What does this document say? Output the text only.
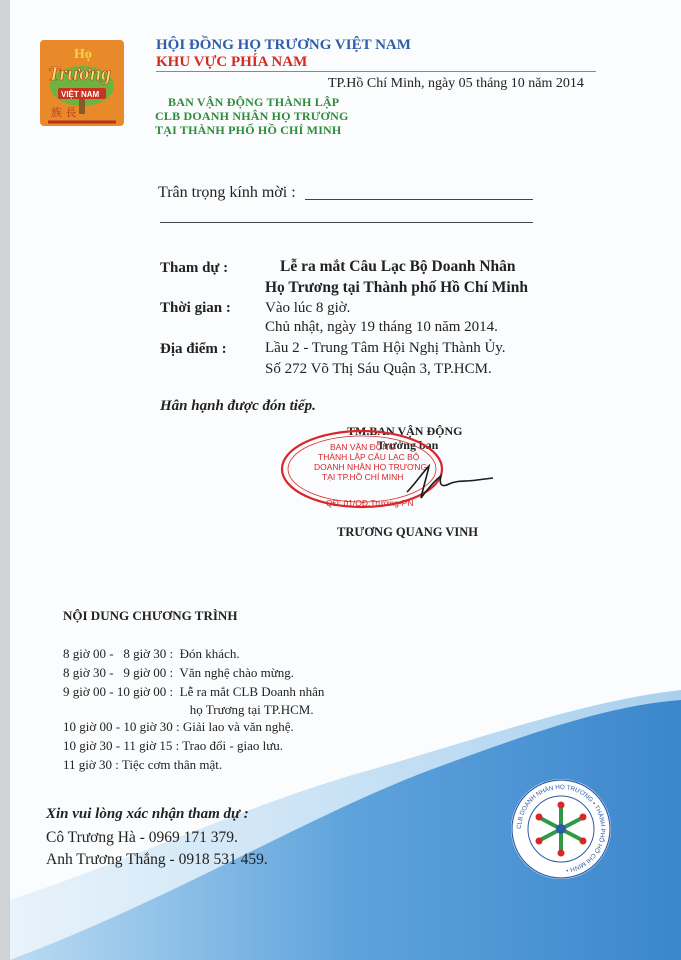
Họ
Trương
VIỆT NAM
族 長
HỘI ĐỒNG HỌ TRƯƠNG VIỆT NAM
KHU VỰC PHÍA NAM
TP.Hồ Chí Minh, ngày 05 tháng 10 năm 2014
BAN VẬN ĐỘNG THÀNH LẬP
CLB DOANH NHÂN HỌ TRƯƠNG
TẠI THÀNH PHỐ HỒ CHÍ MINH
Trân trọng kính mời :
Tham dự :	Lễ ra mắt Câu Lạc Bộ Doanh Nhân
Họ Trương tại Thành phố Hồ Chí Minh
Thời gian : Vào lúc 8 giờ.
Chủ nhật, ngày 19 tháng 10 năm 2014.
Địa điểm :	Lầu 2 - Trung Tâm Hội Nghị Thành Ủy.
Số 272 Võ Thị Sáu Quận 3, TP.HCM.
Hân hạnh được đón tiếp.
TM.BAN VẬN ĐỘNG
Trưởng ban
BAN VẬN ĐỘNG
THÀNH LẬP CÂU LẠC BỘ
DOANH NHÂN HỌ TRƯƠNG
TẠI TP.HỒ CHÍ MINH
QĐ: 01/QĐ.Trương-PN
TRƯƠNG QUANG VINH
NỘI DUNG CHƯƠNG TRÌNH
8 giờ 00 -   8 giờ 30 :  Đón khách.
8 giờ 30 -   9 giờ 00 :  Văn nghệ chào mừng.
9 giờ 00 - 10 giờ 00 :  Lễ ra mắt CLB Doanh nhân
họ Trương tại TP.HCM.
10 giờ 00 - 10 giờ 30 : Giải lao và văn nghệ.
10 giờ 30 - 11 giờ 15 : Trao đổi - giao lưu.
11 giờ 30 : Tiệc cơm thân mật.
Xin vui lòng xác nhận tham dự :
Cô Trương Hà - 0969 171 379.
Anh Trương Thắng - 0918 531 459.
CLB DOANH NHÂN HỌ TRƯƠNG • THÀNH PHỐ HỒ CHÍ MINH •
